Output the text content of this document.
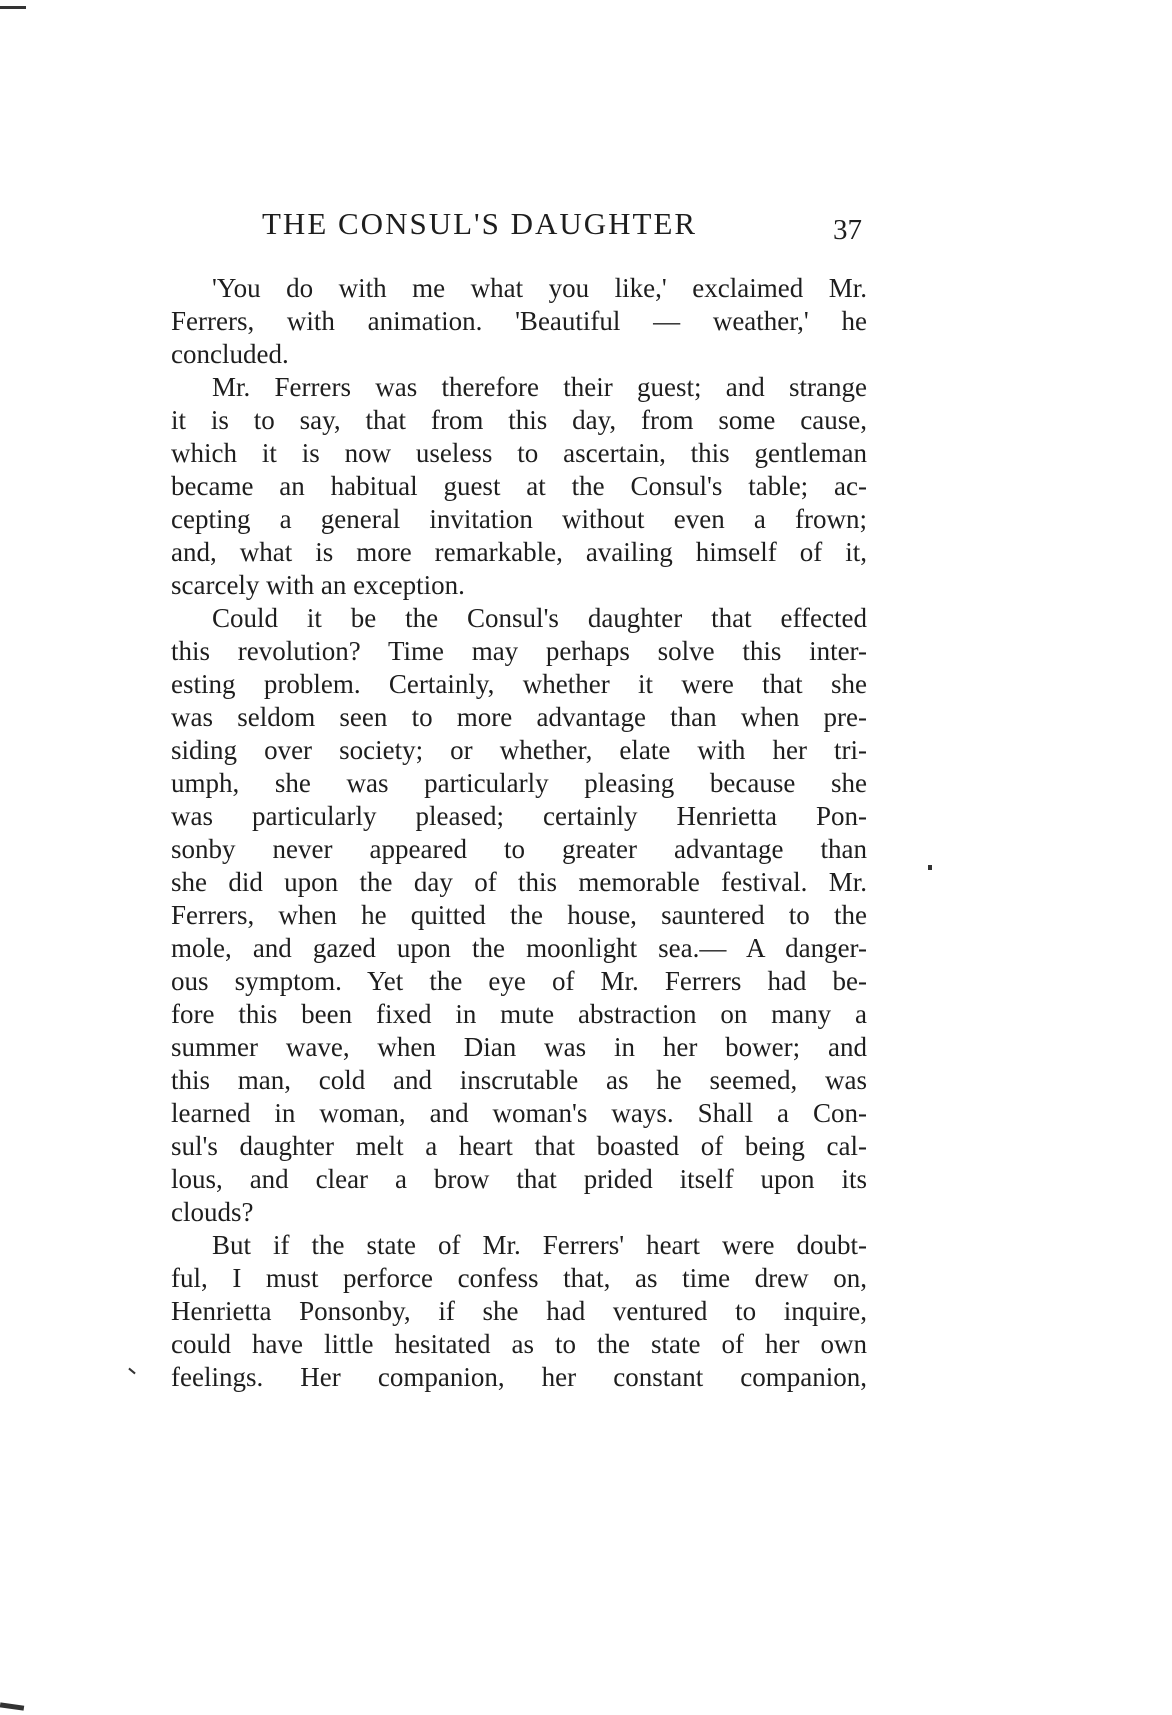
THE CONSUL'S DAUGHTER	37
'You do with me what you like,' exclaimed Mr.
Ferrers, with animation. 'Beautiful — weather,' he
concluded.
Mr. Ferrers was therefore their guest; and strange
it is to say, that from this day, from some cause,
which it is now useless to ascertain, this gentleman
became an habitual guest at the Consul's table; ac-
cepting a general invitation without even a frown;
and, what is more remarkable, availing himself of it,
scarcely with an exception.
Could it be the Consul's daughter that effected
this revolution? Time may perhaps solve this inter-
esting problem. Certainly, whether it were that she
was seldom seen to more advantage than when pre-
siding over society; or whether, elate with her tri-
umph, she was particularly pleasing because she
was particularly pleased; certainly Henrietta Pon-
sonby never appeared to greater advantage than
she did upon the day of this memorable festival. Mr.
Ferrers, when he quitted the house, sauntered to the
mole, and gazed upon the moonlight sea.— A danger-
ous symptom. Yet the eye of Mr. Ferrers had be-
fore this been fixed in mute abstraction on many a
summer wave, when Dian was in her bower; and
this man, cold and inscrutable as he seemed, was
learned in woman, and woman's ways. Shall a Con-
sul's daughter melt a heart that boasted of being cal-
lous, and clear a brow that prided itself upon its
clouds?
But if the state of Mr. Ferrers' heart were doubt-
ful, I must perforce confess that, as time drew on,
Henrietta Ponsonby, if she had ventured to inquire,
could have little hesitated as to the state of her own
feelings. Her companion, her constant companion,
